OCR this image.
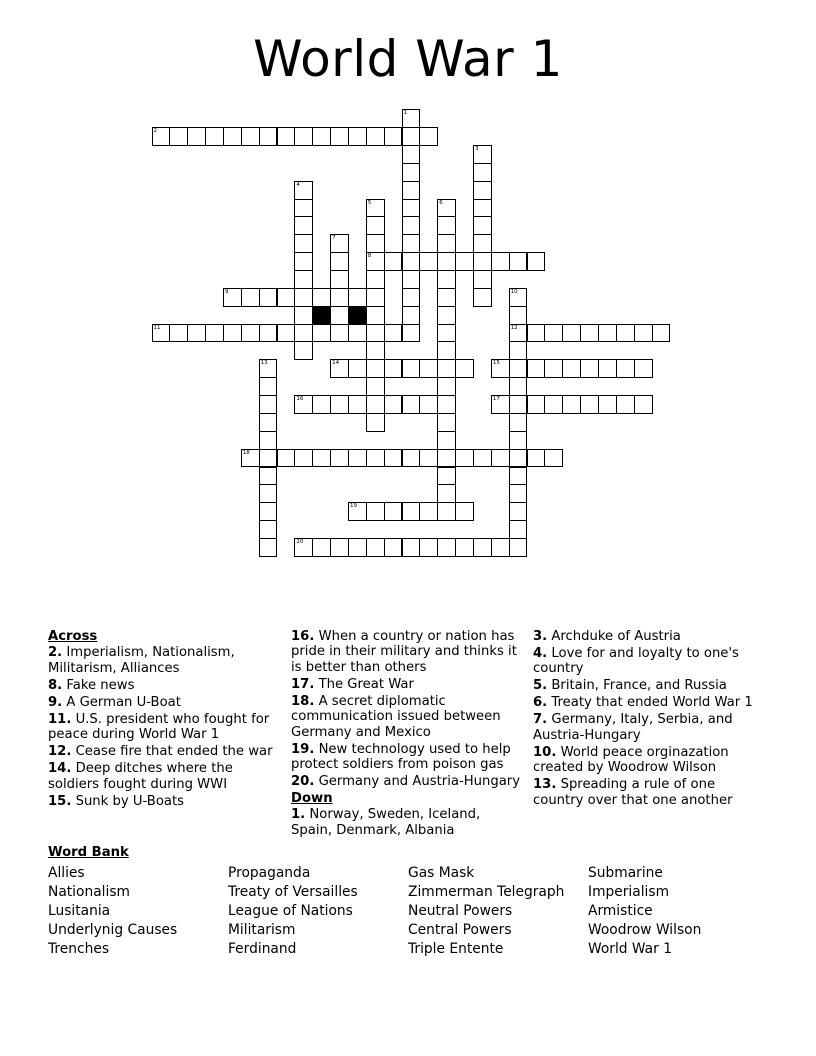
World War 1
2
8
9
11	12
14	15
16	17
18
19
20
1
3
4
5	6
7
10
13
Across
2. Imperialism, Nationalism, Militarism, Alliances
8. Fake news
9. A German U-Boat
11. U.S. president who fought for peace during World War 1
12. Cease fire that ended the war
14. Deep ditches where the soldiers fought during WWI
15. Sunk by U-Boats
16. When a country or nation has pride in their military and thinks it is better than others
17. The Great War
18. A secret diplomatic communication issued between Germany and Mexico
19. New technology used to help protect soldiers from poison gas
20. Germany and Austria-Hungary
Down
1. Norway, Sweden, Iceland, Spain, Denmark, Albania
3. Archduke of Austria
4. Love for and loyalty to one's country
5. Britain, France, and Russia
6. Treaty that ended World War 1
7. Germany, Italy, Serbia, and Austria-Hungary
10. World peace orginazation created by Woodrow Wilson
13. Spreading a rule of one country over that one another
Word Bank
Allies
Nationalism
Lusitania
Underlynig Causes
Trenches
Propaganda
Treaty of Versailles
League of Nations
Militarism
Ferdinand
Gas Mask
Zimmerman Telegraph
Neutral Powers
Central Powers
Triple Entente
Submarine
Imperialism
Armistice
Woodrow Wilson
World War 1
